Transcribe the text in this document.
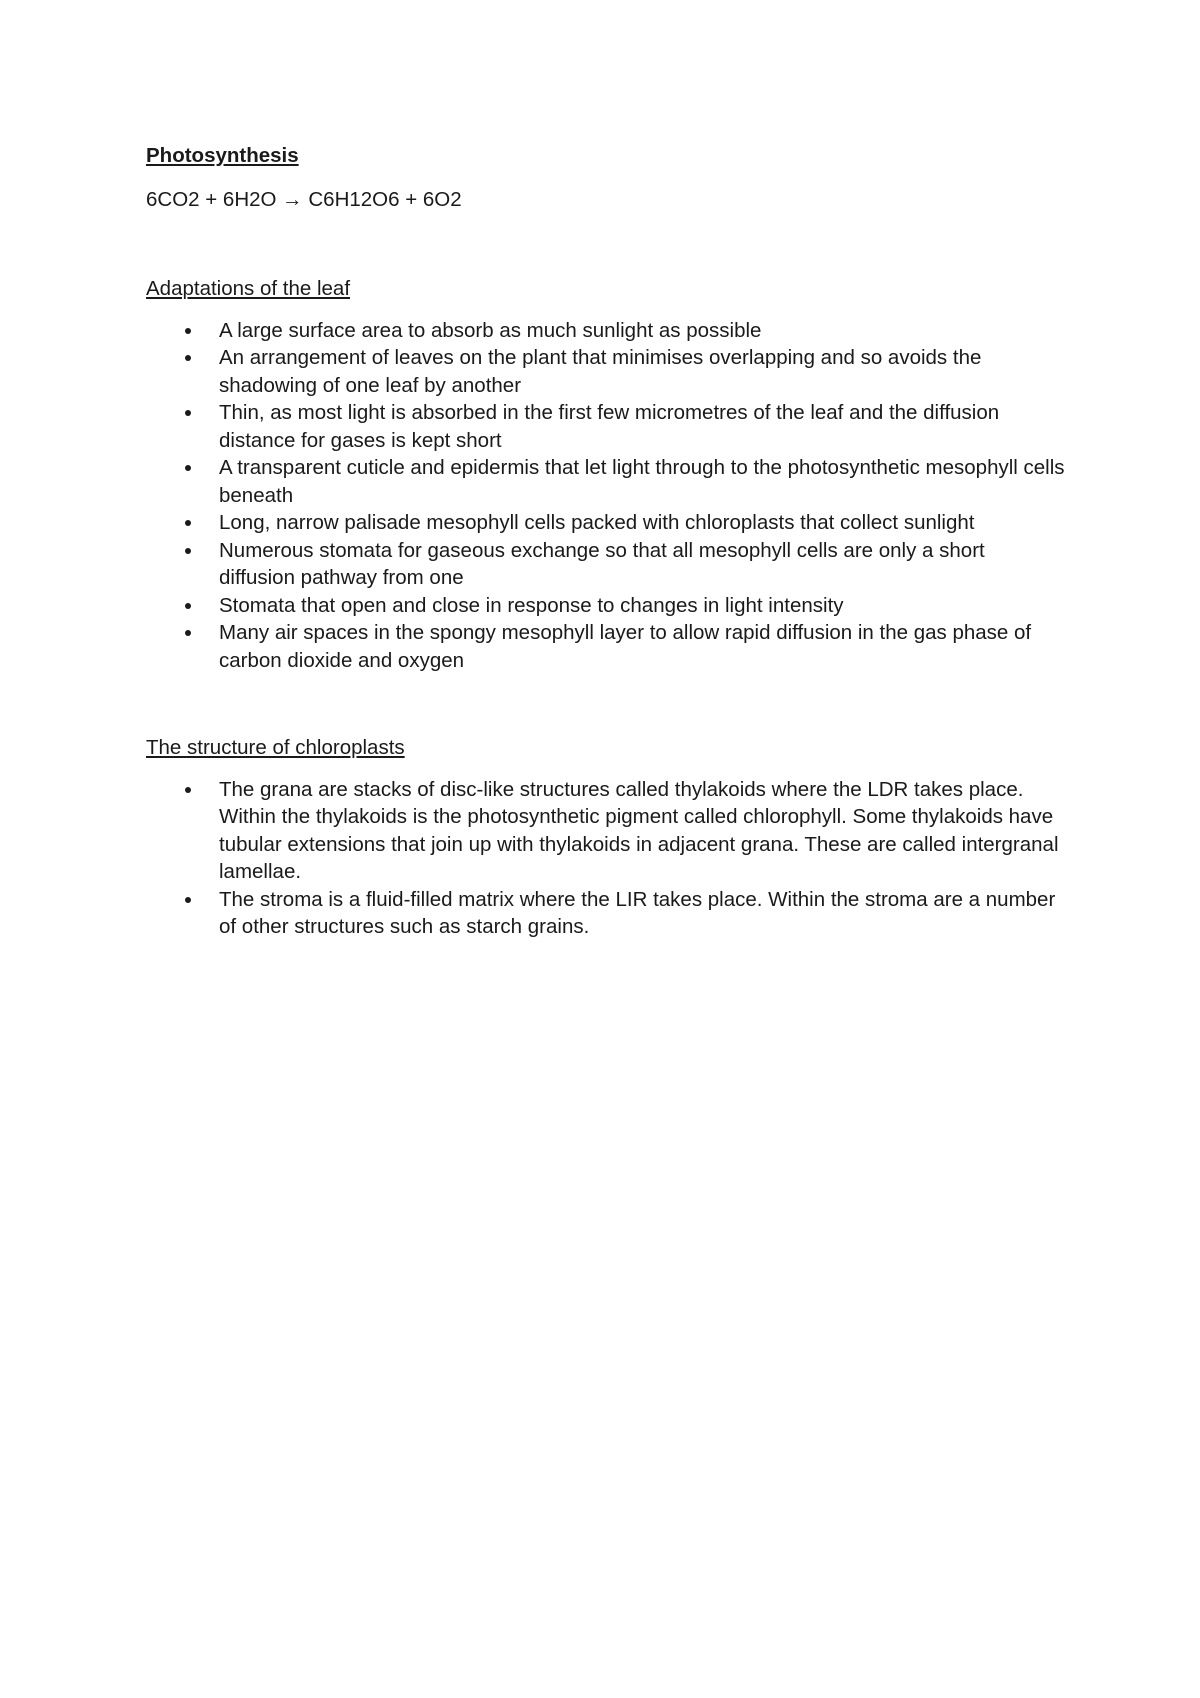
Photosynthesis

6CO2 + 6H2O → C6H12O6 + 6O2

Adaptations of the leaf
A large surface area to absorb as much sunlight as possible
An arrangement of leaves on the plant that minimises overlapping and so avoids the shadowing of one leaf by another
Thin, as most light is absorbed in the first few micrometres of the leaf and the diffusion distance for gases is kept short
A transparent cuticle and epidermis that let light through to the photosynthetic mesophyll cells beneath
Long, narrow palisade mesophyll cells packed with chloroplasts that collect sunlight
Numerous stomata for gaseous exchange so that all mesophyll cells are only a short diffusion pathway from one
Stomata that open and close in response to changes in light intensity
Many air spaces in the spongy mesophyll layer to allow rapid diffusion in the gas phase of carbon dioxide and oxygen
The structure of chloroplasts
The grana are stacks of disc-like structures called thylakoids where the LDR takes place. Within the thylakoids is the photosynthetic pigment called chlorophyll. Some thylakoids have tubular extensions that join up with thylakoids in adjacent grana. These are called intergranal lamellae.
The stroma is a fluid-filled matrix where the LIR takes place. Within the stroma are a number of other structures such as starch grains.
